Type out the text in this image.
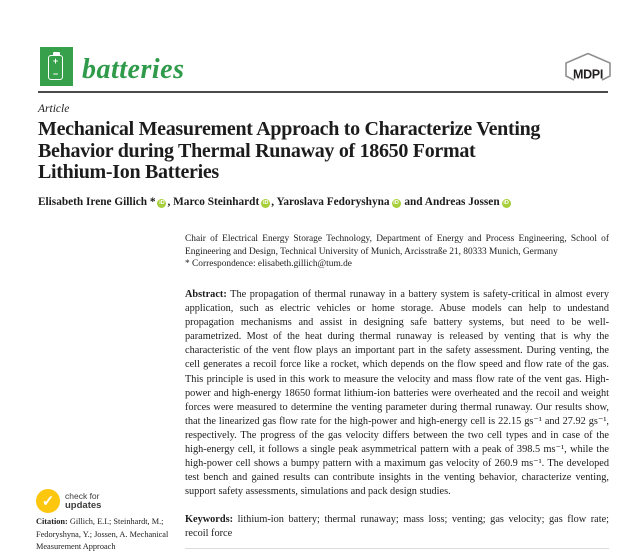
+
− batteries	MDPI
Article
Mechanical Measurement Approach to Characterize Venting
Behavior during Thermal Runaway of 18650 Format
Lithium-Ion Batteries
Elisabeth Irene Gillich * iD , Marco Steinhardt iD , Yaroslava Fedoryshyna iD and Andreas Jossen iD
Chair of Electrical Energy Storage Technology, Department of Energy and Process Engineering, School of Engineering and Design, Technical University of Munich, Arcisstraße 21, 80333 Munich, Germany
* Correspondence: elisabeth.gillich@tum.de
Abstract: The propagation of thermal runaway in a battery system is safety-critical in almost every application, such as electric vehicles or home storage. Abuse models can help to undestand propagation mechanisms and assist in designing safe battery systems, but need to be well-parametrized. Most of the heat during thermal runaway is released by venting that is why the characteristic of the vent flow plays an important part in the safety assessment. During venting, the cell generates a recoil force like a rocket, which depends on the flow speed and flow rate of the gas. This principle is used in this work to measure the velocity and mass flow rate of the vent gas. High-power and high-energy 18650 format lithium-ion batteries were overheated and the recoil and weight forces were measured to determine the venting parameter during thermal runaway. Our results show, that the linearized gas flow rate for the high-power and high-energy cell is 22.15 gs⁻¹ and 27.92 gs⁻¹, respectively. The progress of the gas velocity differs between the two cell types and in case of the high-energy cell, it follows a single peak asymmetrical pattern with a peak of 398.5 ms⁻¹, while the high-power cell shows a bumpy pattern with a maximum gas velocity of 260.9 ms⁻¹. The developed test bench and gained results can contribute insights in the venting behavior, characterize venting, support safety assessments, simulations and pack design studies.
Keywords: lithium-ion battery; thermal runaway; mass loss; venting; gas velocity; gas flow rate; recoil force
✓	check for
updates
Citation: Gillich, E.I.; Steinhardt, M.; Fedoryshyna, Y.; Jossen, A. Mechanical Measurement Approach
